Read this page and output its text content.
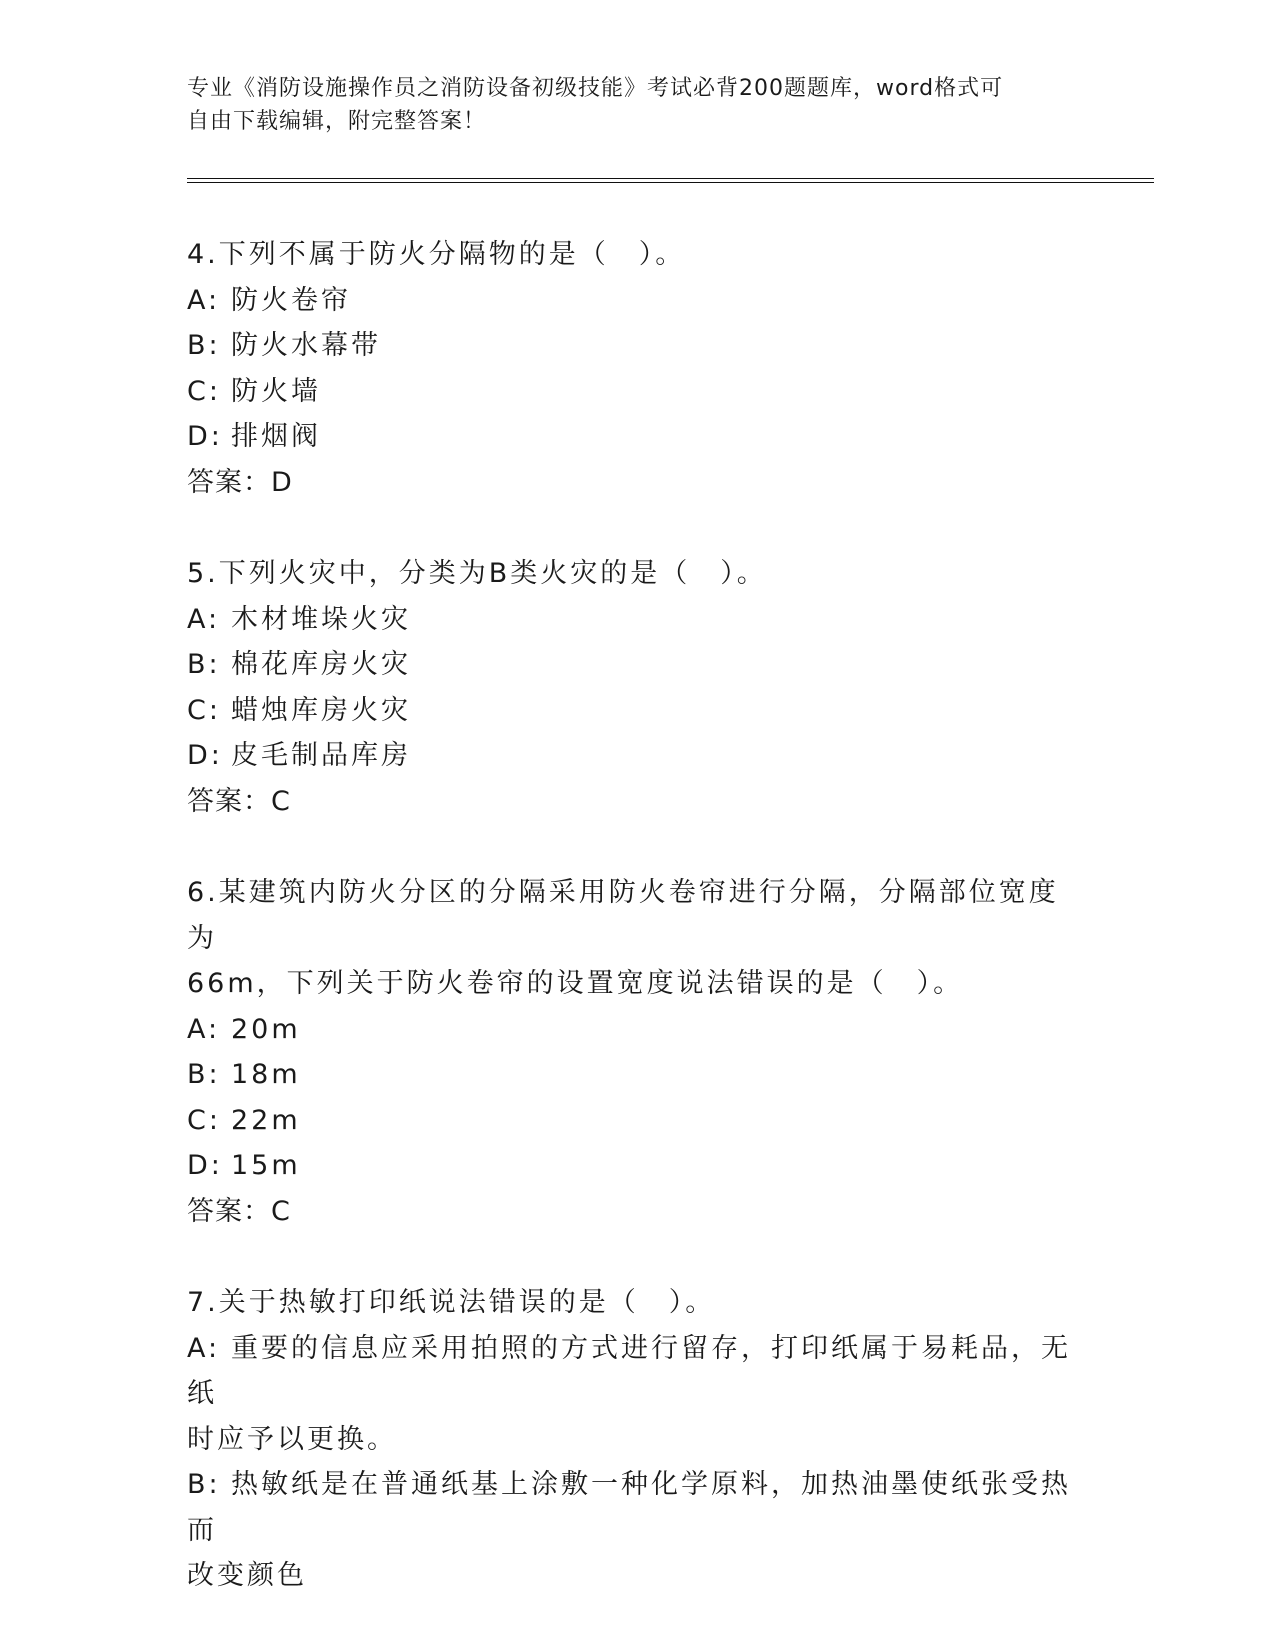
专业《消防设施操作员之消防设备初级技能》考试必背200题题库，word格式可
自由下载编辑，附完整答案！
4.下列不属于防火分隔物的是（　）。
A: 防火卷帘
B: 防火水幕带
C: 防火墙
D: 排烟阀
答案：D
5.下列火灾中，分类为B类火灾的是（　）。
A: 木材堆垛火灾
B: 棉花库房火灾
C: 蜡烛库房火灾
D: 皮毛制品库房
答案：C
6.某建筑内防火分区的分隔采用防火卷帘进行分隔，分隔部位宽度为
66m，下列关于防火卷帘的设置宽度说法错误的是（　）。
A: 20m
B: 18m
C: 22m
D: 15m
答案：C
7.关于热敏打印纸说法错误的是（　）。
A: 重要的信息应采用拍照的方式进行留存，打印纸属于易耗品，无纸
时应予以更换。
B: 热敏纸是在普通纸基上涂敷一种化学原料，加热油墨使纸张受热而
改变颜色
